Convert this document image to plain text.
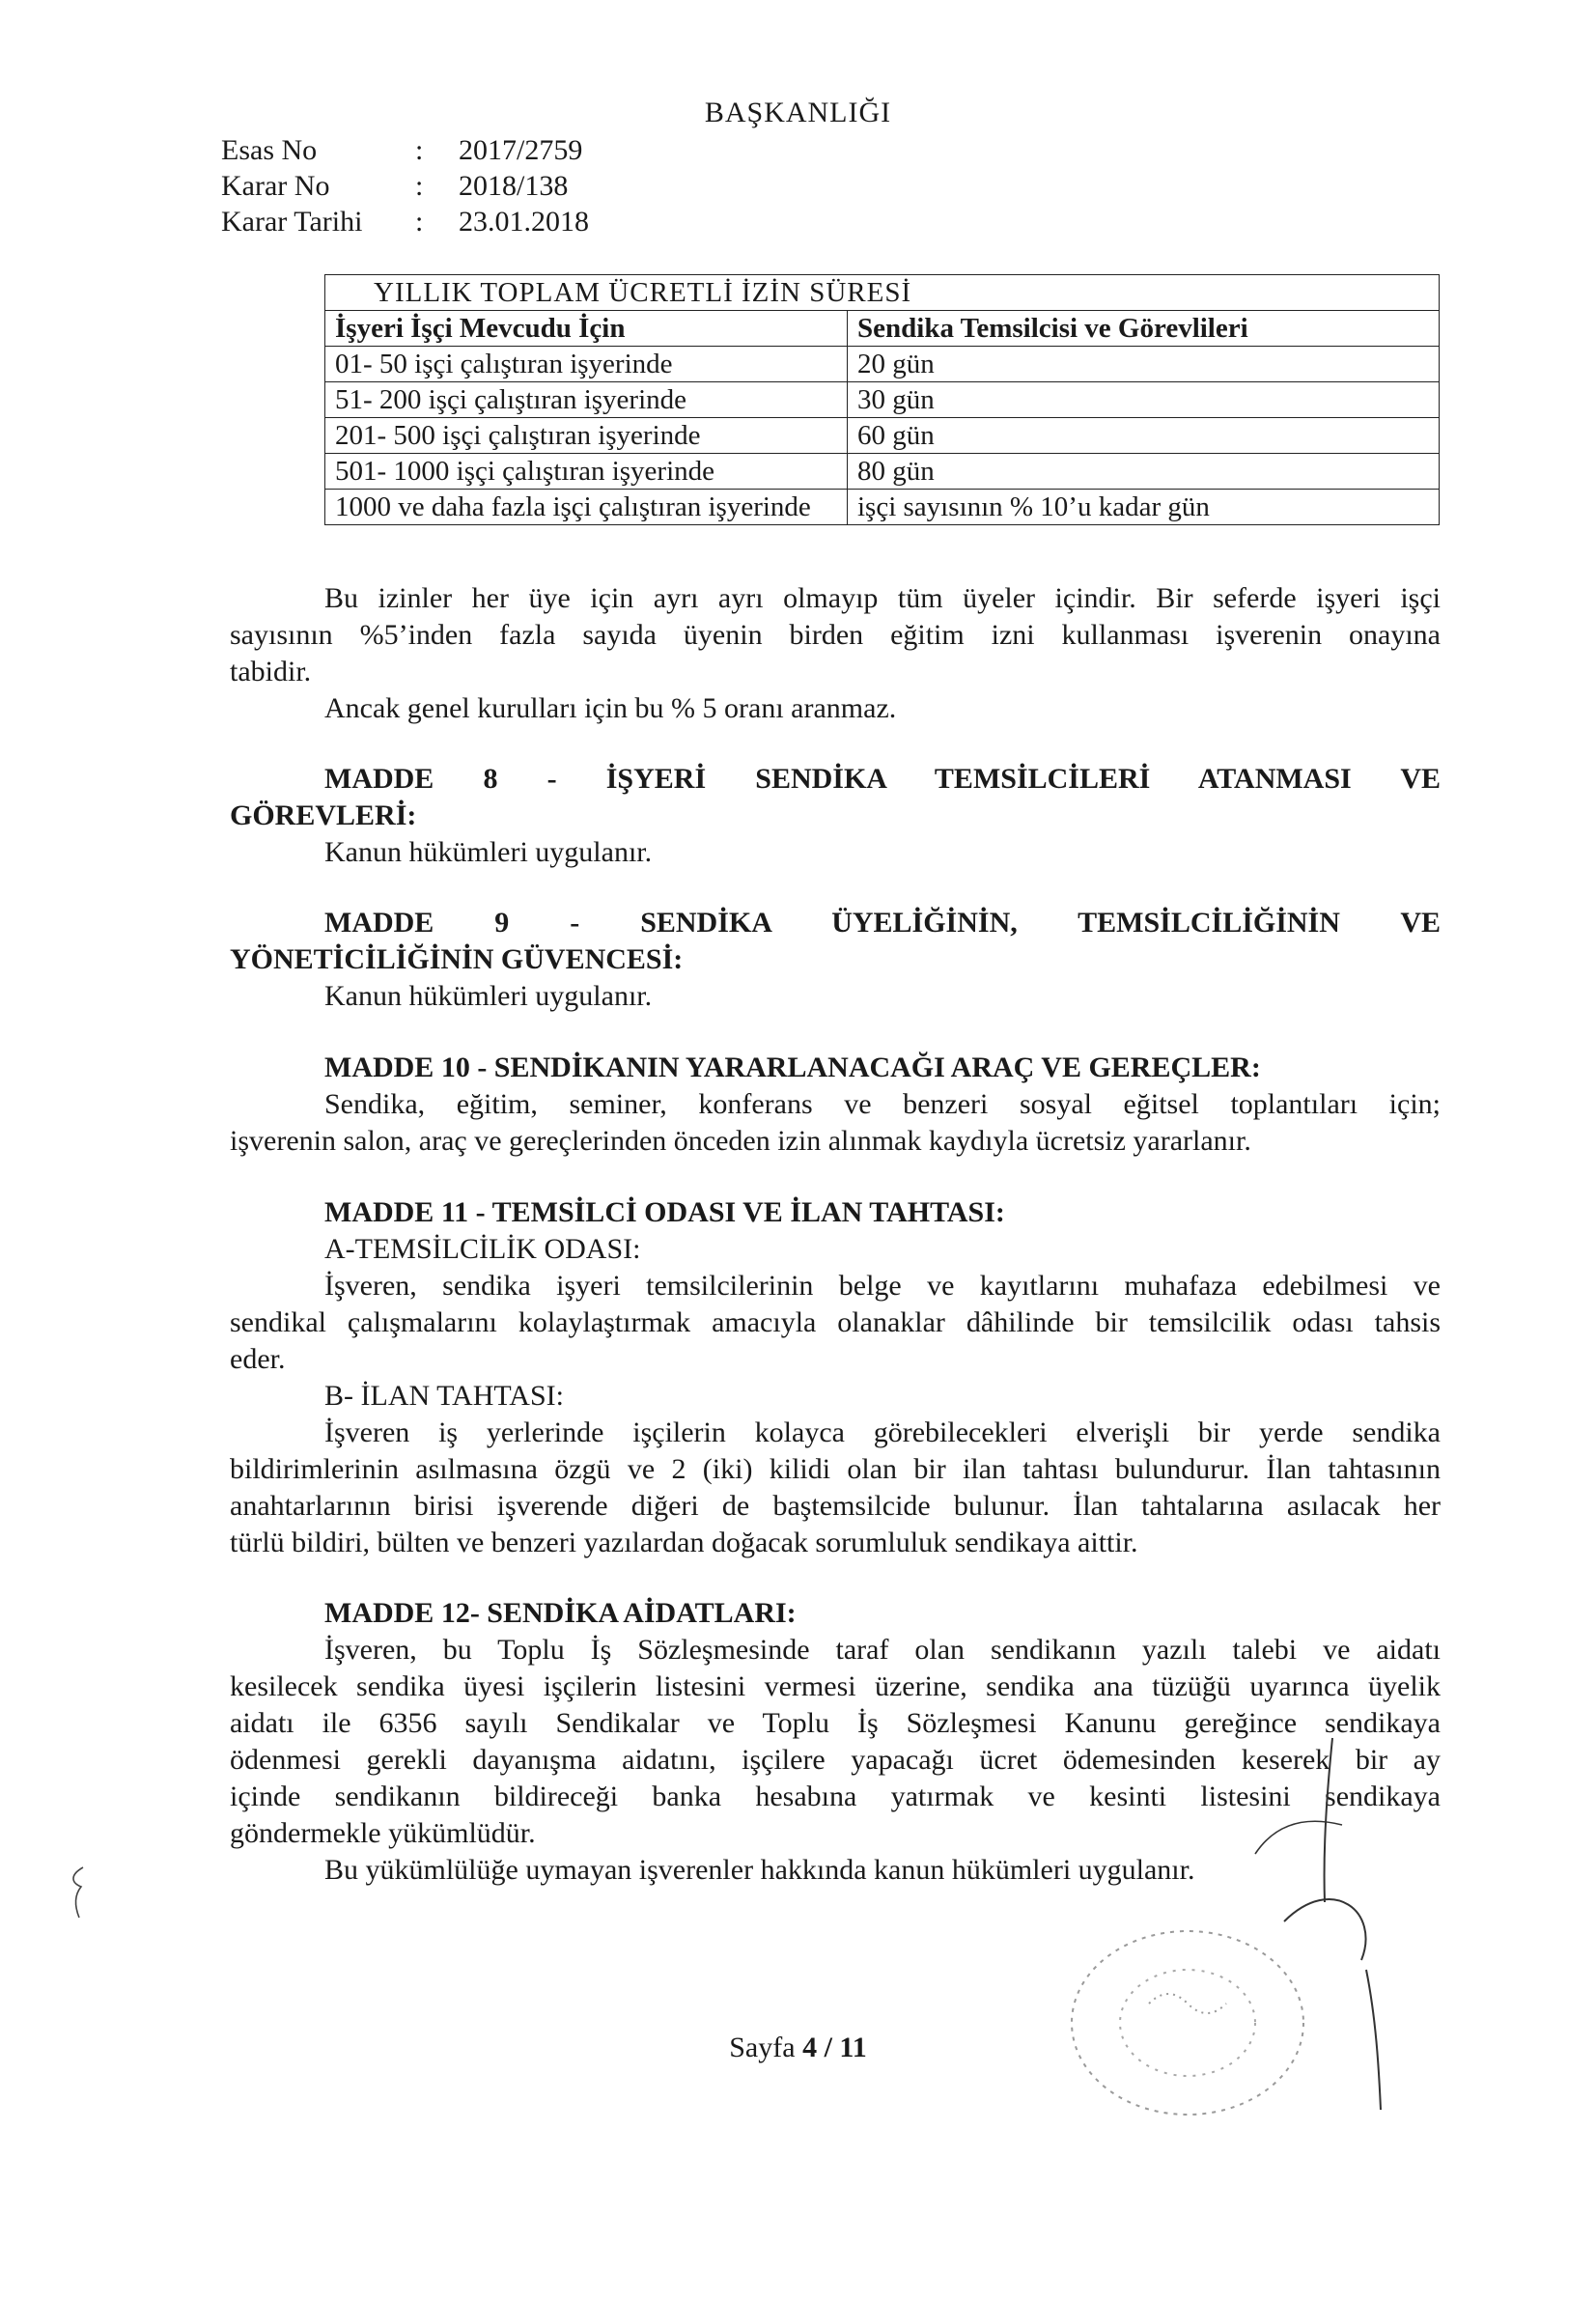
BAŞKANLIĞI
Esas No	: 2017/2759
Karar No	: 2018/138
Karar Tarihi	: 23.01.2018
YILLIK TOPLAM ÜCRETLİ İZİN SÜRESİ	
İşyeri İşçi Mevcudu İçin	Sendika Temsilcisi ve Görevlileri
01- 50 işçi çalıştıran işyerinde	20 gün
51- 200 işçi çalıştıran işyerinde	30 gün
201- 500 işçi çalıştıran işyerinde	60 gün
501- 1000 işçi çalıştıran işyerinde	80 gün
1000 ve daha fazla işçi çalıştıran işyerinde	işçi sayısının % 10’u kadar gün
Bu izinler her üye için ayrı ayrı olmayıp tüm üyeler içindir. Bir seferde işyeri işçi
sayısının %5’inden fazla sayıda üyenin birden eğitim izni kullanması işverenin onayına
tabidir.
Ancak genel kurulları için bu % 5 oranı aranmaz.
MADDE 8 - İŞYERİ SENDİKA TEMSİLCİLERİ ATANMASI VE
GÖREVLERİ:
Kanun hükümleri uygulanır.
MADDE 9 - SENDİKA ÜYELİĞİNİN, TEMSİLCİLİĞİNİN VE
YÖNETİCİLİĞİNİN GÜVENCESİ:
Kanun hükümleri uygulanır.
MADDE 10 - SENDİKANIN YARARLANACAĞI ARAÇ VE GEREÇLER:
Sendika, eğitim, seminer, konferans ve benzeri sosyal eğitsel toplantıları için;
işverenin salon, araç ve gereçlerinden önceden izin alınmak kaydıyla ücretsiz yararlanır.
MADDE 11 - TEMSİLCİ ODASI VE İLAN TAHTASI:
A-TEMSİLCİLİK ODASI:
İşveren, sendika işyeri temsilcilerinin belge ve kayıtlarını muhafaza edebilmesi ve
sendikal çalışmalarını kolaylaştırmak amacıyla olanaklar dâhilinde bir temsilcilik odası tahsis
eder.
B- İLAN TAHTASI:
İşveren iş yerlerinde işçilerin kolayca görebilecekleri elverişli bir yerde sendika
bildirimlerinin asılmasına özgü ve 2 (iki) kilidi olan bir ilan tahtası bulundurur. İlan tahtasının
anahtarlarının birisi işverende diğeri de baştemsilcide bulunur. İlan tahtalarına asılacak her
türlü bildiri, bülten ve benzeri yazılardan doğacak sorumluluk sendikaya aittir.
MADDE 12- SENDİKA AİDATLARI:
İşveren, bu Toplu İş Sözleşmesinde taraf olan sendikanın yazılı talebi ve aidatı
kesilecek sendika üyesi işçilerin listesini vermesi üzerine, sendika ana tüzüğü uyarınca üyelik
aidatı ile 6356 sayılı Sendikalar ve Toplu İş Sözleşmesi Kanunu gereğince sendikaya
ödenmesi gerekli dayanışma aidatını, işçilere yapacağı ücret ödemesinden keserek bir ay
içinde sendikanın bildireceği banka hesabına yatırmak ve kesinti listesini sendikaya
göndermekle yükümlüdür.
Bu yükümlülüğe uymayan işverenler hakkında kanun hükümleri uygulanır.
Sayfa 4 / 11
